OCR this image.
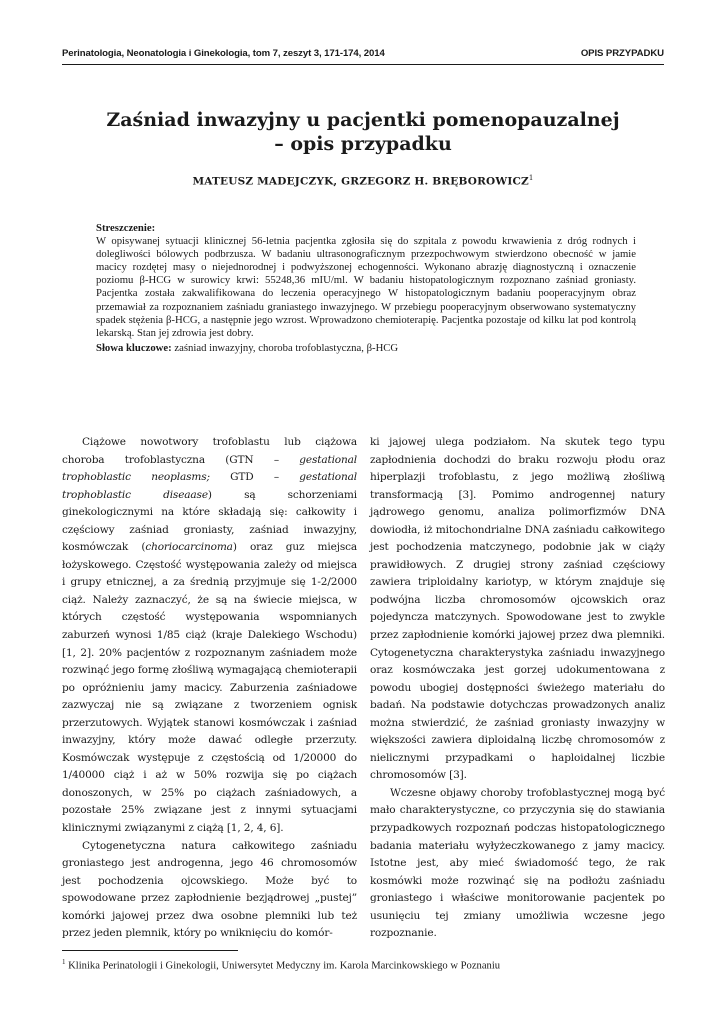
Perinatologia, Neonatologia i Ginekologia, tom 7, zeszyt 3, 171-174, 2014	OPIS PRZYPADKU
Zaśniad inwazyjny u pacjentki pomenopauzalnej
– opis przypadku
MATEUSZ MADEJCZYK, GRZEGORZ H. BRĘBOROWICZ$^1$
Streszczenie:
W opisywanej sytuacji klinicznej 56-letnia pacjentka zgłosiła się do szpitala z powodu krwawienia z dróg rodnych i dolegliwości bólowych podbrzusza. W badaniu ultrasonograficznym przezpochwowym stwierdzono obecność w jamie macicy rozdętej masy o niejednorodnej i podwyższonej echogenności. Wykonano abrazję diagnostyczną i oznaczenie poziomu β-HCG w surowicy krwi: 55248,36 mIU/ml. W badaniu histopatologicznym rozpoznano zaśniad groniasty. Pacjentka została zakwalifikowana do leczenia operacyjnego W histopatologicznym badaniu pooperacyjnym obraz przemawiał za rozpoznaniem zaśniadu graniastego inwazyjnego. W przebiegu pooperacyjnym obserwowano systematyczny spadek stężenia β-HCG, a następnie jego wzrost. Wprowadzono chemioterapię. Pacjentka pozostaje od kilku lat pod kontrolą lekarską. Stan jej zdrowia jest dobry.
Słowa kluczowe: zaśniad inwazyjny, choroba trofoblastyczna, β-HCG

Ciążowe nowotwory trofoblastu lub ciążowa choroba trofoblastyczna (GTN – gestational trophoblastic neoplasms; GTD – gestational trophoblastic diseaase) są schorzeniami ginekologicznymi na które składają się: całkowity i częściowy zaśniad groniasty, zaśniad inwazyjny, kosmówczak (choriocarcinoma) oraz guz miejsca łożyskowego. Częstość występowania zależy od miejsca i grupy etnicznej, a za średnią przyjmuje się 1-2/2000 ciąż. Należy zaznaczyć, że są na świecie miejsca, w których częstość występowania wspomnianych zaburzeń wynosi 1/85 ciąż (kraje Dalekiego Wschodu) [1, 2]. 20% pacjentów z rozpoznanym zaśniadem może rozwinąć jego formę złośliwą wymagającą chemioterapii po opróżnieniu jamy macicy. Zaburzenia zaśniadowe zazwyczaj nie są związane z tworzeniem ognisk przerzutowych. Wyjątek stanowi kosmówczak i zaśniad inwazyjny, który może dawać odległe przerzuty. Kosmówczak występuje z częstością od 1/20000 do 1/40000 ciąż i aż w 50% rozwija się po ciążach donoszonych, w 25% po ciążach zaśniadowych, a pozostałe 25% związane jest z innymi sytuacjami klinicznymi związanymi z ciążą [1, 2, 4, 6].

Cytogenetyczna natura całkowitego zaśniadu groniastego jest androgenna, jego 46 chromosomów jest pochodzenia ojcowskiego. Może być to spowodowane przez zapłodnienie bezjądrowej „pustej” komórki jajowej przez dwa osobne plemniki lub też przez jeden plemnik, który po wniknięciu do komór-

ki jajowej ulega podziałom. Na skutek tego typu zapłodnienia dochodzi do braku rozwoju płodu oraz hiperplazji trofoblastu, z jego możliwą złośliwą transformacją [3]. Pomimo androgennej natury jądrowego genomu, analiza polimorfizmów DNA dowiodła, iż mitochondrialne DNA zaśniadu całkowitego jest pochodzenia matczynego, podobnie jak w ciąży prawidłowych. Z drugiej strony zaśniad częściowy zawiera triploidalny kariotyp, w którym znajduje się podwójna liczba chromosomów ojcowskich oraz pojedyncza matczynych. Spowodowane jest to zwykle przez zapłodnienie komórki jajowej przez dwa plemniki. Cytogenetyczna charakterystyka zaśniadu inwazyjnego oraz kosmówczaka jest gorzej udokumentowana z powodu ubogiej dostępności świeżego materiału do badań. Na podstawie dotychczas prowadzonych analiz można stwierdzić, że zaśniad groniasty inwazyjny w większości zawiera diploidalną liczbę chromosomów z nielicznymi przypadkami o haploidalnej liczbie chromosomów [3].

Wczesne objawy choroby trofoblastycznej mogą być mało charakterystyczne, co przyczynia się do stawiania przypadkowych rozpoznań podczas histopatologicznego badania materiału wyłyżeczkowanego z jamy macicy. Istotne jest, aby mieć świadomość tego, że rak kosmówki może rozwinąć się na podłożu zaśniadu groniastego i właściwe monitorowanie pacjentek po usunięciu tej zmiany umożliwia wczesne jego rozpoznanie.

$^1$ Klinika Perinatologii i Ginekologii, Uniwersytet Medyczny im. Karola Marcinkowskiego w Poznaniu
